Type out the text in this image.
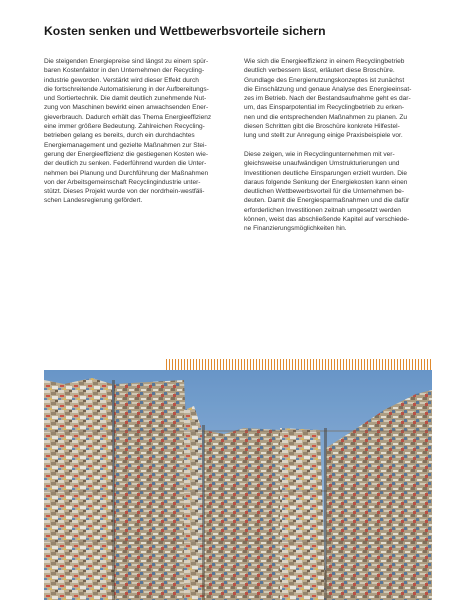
Kosten senken und Wettbewerbsvorteile sichern

Die steigenden Energiepreise sind längst zu einem spür-
baren Kostenfaktor in den Unternehmen der Recycling-
industrie geworden. Verstärkt wird dieser Effekt durch
die fortschreitende Automatisierung in der Aufbereitungs-
und Sortiertechnik. Die damit deutlich zunehmende Nut-
zung von Maschinen bewirkt einen anwachsenden Ener-
gieverbrauch. Dadurch erhält das Thema Energieeffizienz
eine immer größere Bedeutung. Zahlreichen Recycling-
betrieben gelang es bereits, durch ein durchdachtes
Energiemanagement und gezielte Maßnahmen zur Stei-
gerung der Energieeffizienz die gestiegenen Kosten wie-
der deutlich zu senken. Federführend wurden die Unter-
nehmen bei Planung und Durchführung der Maßnahmen
von der Arbeitsgemeinschaft Recyclingindustrie unter-
stützt. Dieses Projekt wurde von der nordrhein-westfäli-
schen Landesregierung gefördert.

Wie sich die Energieeffizienz in einem Recyclingbetrieb
deutlich verbessern lässt, erläutert diese Broschüre.
Grundlage des Energienutzungskonzeptes ist zunächst
die Einschätzung und genaue Analyse des Energieeinsat-
zes im Betrieb. Nach der Bestandsaufnahme geht es dar-
um, das Einsparpotential im Recyclingbetrieb zu erken-
nen und die entsprechenden Maßnahmen zu planen. Zu
diesen Schritten gibt die Broschüre konkrete Hilfestel-
lung und stellt zur Anregung einige Praxisbeispiele vor.

Diese zeigen, wie in Recyclingunternehmen mit ver-
gleichsweise unaufwändigen Umstrukturierungen und
Investitionen deutliche Einsparungen erzielt wurden. Die
daraus folgende Senkung der Energiekosten kann einen
deutlichen Wettbewerbsvorteil für die Unternehmen be-
deuten. Damit die Energiesparmaßnahmen und die dafür
erforderlichen Investitionen zeitnah umgesetzt werden
können, weist das abschließende Kapitel auf verschiede-
ne Finanzierungsmöglichkeiten hin.
